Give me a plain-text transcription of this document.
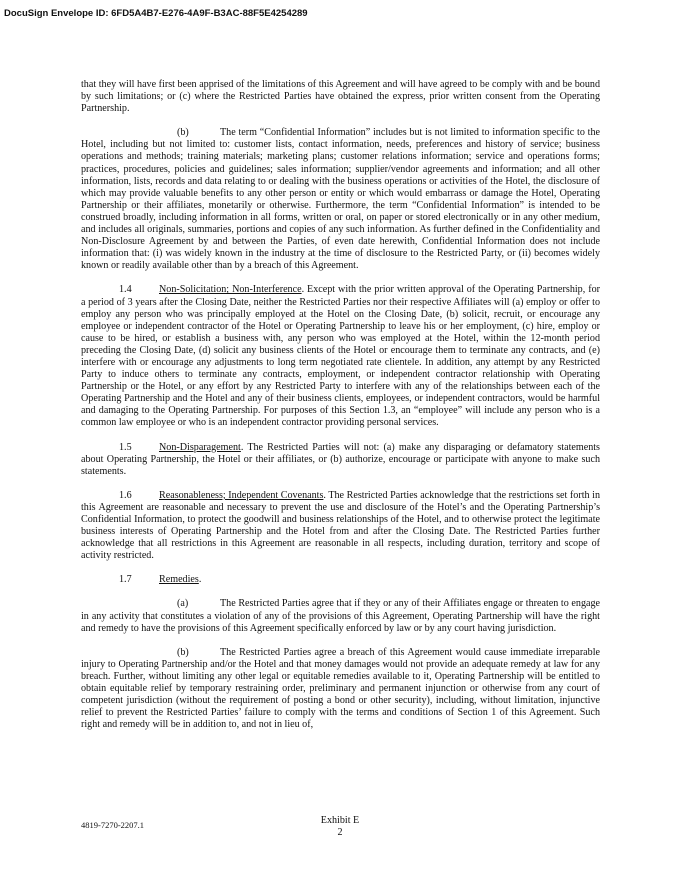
DocuSign Envelope ID: 6FD5A4B7-E276-4A9F-B3AC-88F5E4254289

that they will have first been apprised of the limitations of this Agreement and will have agreed to be comply with and be bound by such limitations; or (c) where the Restricted Parties have obtained the express, prior written consent from the Operating Partnership.

(b)	The term “Confidential Information” includes but is not limited to information specific to the Hotel, including but not limited to: customer lists, contact information, needs, preferences and history of service; business operations and methods; training materials; marketing plans; customer relations information; service and operations forms; practices, procedures, policies and guidelines; sales information; supplier/vendor agreements and information; and all other information, lists, records and data relating to or dealing with the business operations or activities of the Hotel, the disclosure of which may provide valuable benefits to any other person or entity or which would embarrass or damage the Hotel, Operating Partnership or their affiliates, monetarily or otherwise. Furthermore, the term “Confidential Information” is intended to be construed broadly, including information in all forms, written or oral, on paper or stored electronically or in any other medium, and includes all originals, summaries, portions and copies of any such information. As further defined in the Confidentiality and Non-Disclosure Agreement by and between the Parties, of even date herewith, Confidential Information does not include information that: (i) was widely known in the industry at the time of disclosure to the Restricted Party, or (ii) becomes widely known or readily available other than by a breach of this Agreement.

1.4	Non-Solicitation; Non-Interference. Except with the prior written approval of the Operating Partnership, for a period of 3 years after the Closing Date, neither the Restricted Parties nor their respective Affiliates will (a) employ or offer to employ any person who was principally employed at the Hotel on the Closing Date, (b) solicit, recruit, or encourage any employee or independent contractor of the Hotel or Operating Partnership to leave his or her employment, (c) hire, employ or cause to be hired, or establish a business with, any person who was employed at the Hotel, within the 12-month period preceding the Closing Date, (d) solicit any business clients of the Hotel or encourage them to terminate any contracts, and (e) interfere with or encourage any adjustments to long term negotiated rate clientele. In addition, any attempt by any Restricted Party to induce others to terminate any contracts, employment, or independent contractor relationship with Operating Partnership or the Hotel, or any effort by any Restricted Party to interfere with any of the relationships between each of the Operating Partnership and the Hotel and any of their business clients, employees, or independent contractors, would be harmful and damaging to the Operating Partnership. For purposes of this Section 1.3, an “employee” will include any person who is a common law employee or who is an independent contractor providing personal services.

1.5	Non-Disparagement. The Restricted Parties will not: (a) make any disparaging or defamatory statements about Operating Partnership, the Hotel or their affiliates, or (b) authorize, encourage or participate with anyone to make such statements.

1.6	Reasonableness; Independent Covenants. The Restricted Parties acknowledge that the restrictions set forth in this Agreement are reasonable and necessary to prevent the use and disclosure of the Hotel’s and the Operating Partnership’s Confidential Information, to protect the goodwill and business relationships of the Hotel, and to otherwise protect the legitimate business interests of Operating Partnership and the Hotel from and after the Closing Date. The Restricted Parties further acknowledge that all restrictions in this Agreement are reasonable in all respects, including duration, territory and scope of activity restricted.

1.7	Remedies.

(a)	The Restricted Parties agree that if they or any of their Affiliates engage or threaten to engage in any activity that constitutes a violation of any of the provisions of this Agreement, Operating Partnership will have the right and remedy to have the provisions of this Agreement specifically enforced by law or by any court having jurisdiction.

(b)	The Restricted Parties agree a breach of this Agreement would cause immediate irreparable injury to Operating Partnership and/or the Hotel and that money damages would not provide an adequate remedy at law for any breach. Further, without limiting any other legal or equitable remedies available to it, Operating Partnership will be entitled to obtain equitable relief by temporary restraining order, preliminary and permanent injunction or otherwise from any court of competent jurisdiction (without the requirement of posting a bond or other security), including, without limitation, injunctive relief to prevent the Restricted Parties’ failure to comply with the terms and conditions of Section 1 of this Agreement. Such right and remedy will be in addition to, and not in lieu of,

4819-7270-2207.1	Exhibit E
2
